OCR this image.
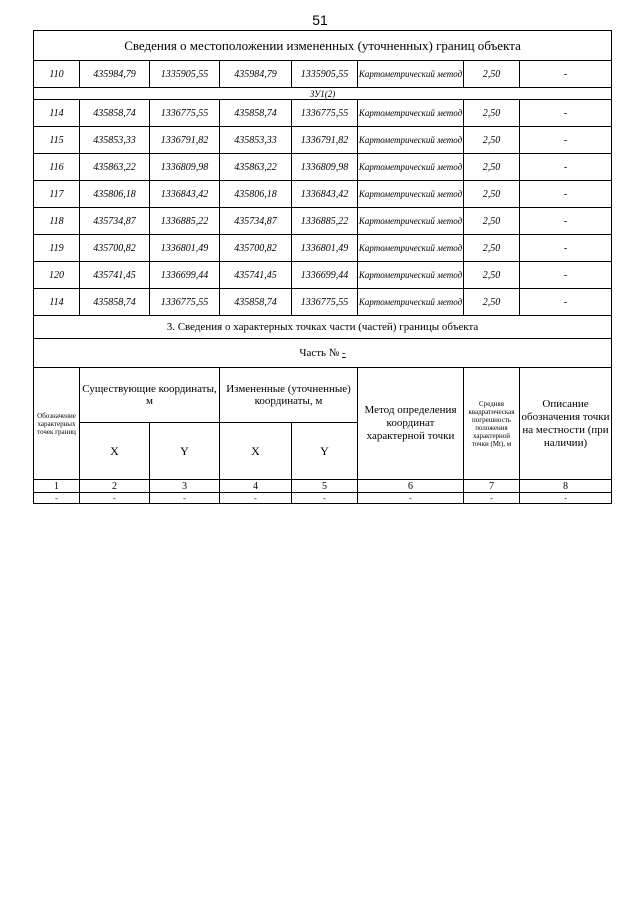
51
Сведения о местоположении измененных (уточненных) границ объекта							
110	435984,79	1335905,55	435984,79	1335905,55	Картометрический метод	2,50	-
ЗУ1(2)							
114	435858,74	1336775,55	435858,74	1336775,55	Картометрический метод	2,50	-
115	435853,33	1336791,82	435853,33	1336791,82	Картометрический метод	2,50	-
116	435863,22	1336809,98	435863,22	1336809,98	Картометрический метод	2,50	-
117	435806,18	1336843,42	435806,18	1336843,42	Картометрический метод	2,50	-
118	435734,87	1336885,22	435734,87	1336885,22	Картометрический метод	2,50	-
119	435700,82	1336801,49	435700,82	1336801,49	Картометрический метод	2,50	-
120	435741,45	1336699,44	435741,45	1336699,44	Картометрический метод	2,50	-
114	435858,74	1336775,55	435858,74	1336775,55	Картометрический метод	2,50	-
3. Сведения о характерных точках части (частей) границы объекта							
Часть № -							
Обозначение характерных точек границ	Существующие координаты, м		Измененные (уточненные) координаты, м		Метод определения координат характерной точки	Средняя квадратическая погрешность положения характерной точки (Mt), м	Описание обозначения точки на местности (при наличии)
	X	Y	X	Y			
1	2	3	4	5	6	7	8
-	-	-	-	-	-	-	-
